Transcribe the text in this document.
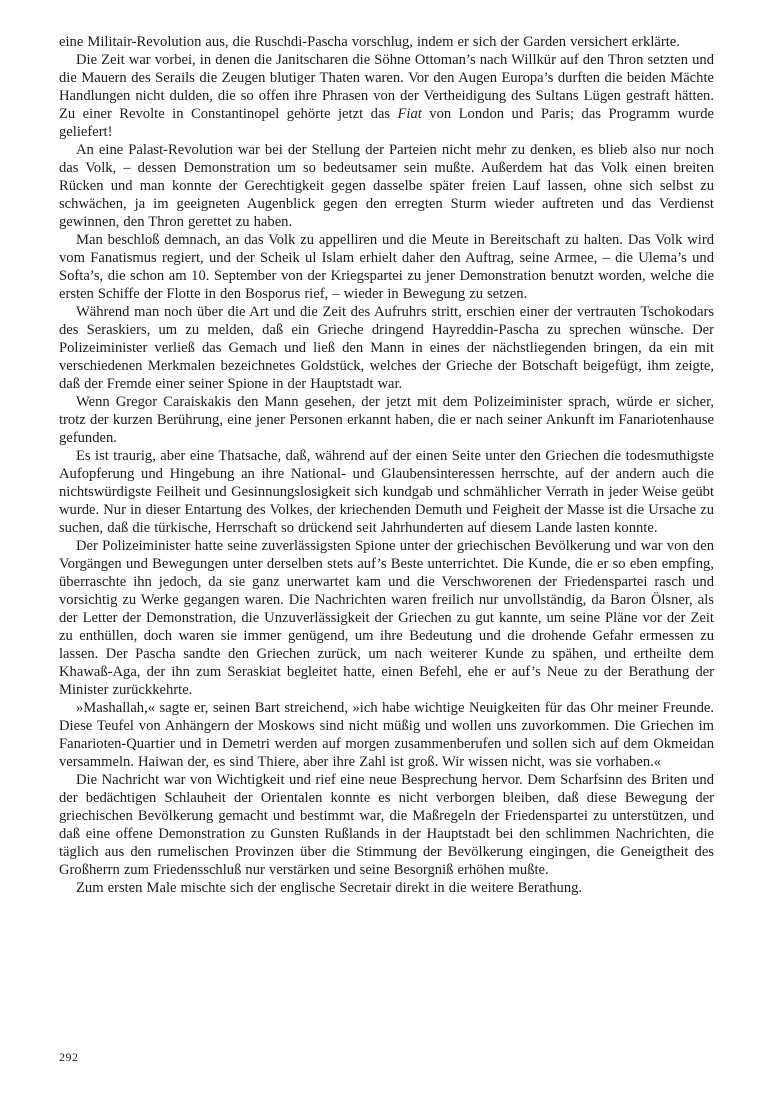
eine Militair-Revolution aus, die Ruschdi-Pascha vorschlug, indem er sich der Garden versichert erklärte.

Die Zeit war vorbei, in denen die Janitscharen die Söhne Ottoman’s nach Willkür auf den Thron setzten und die Mauern des Serails die Zeugen blutiger Thaten waren. Vor den Augen Europa’s durften die beiden Mächte Handlungen nicht dulden, die so offen ihre Phrasen von der Vertheidigung des Sultans Lügen gestraft hätten. Zu einer Revolte in Constantinopel gehörte jetzt das Fiat von London und Paris; das Programm wurde geliefert!

An eine Palast-Revolution war bei der Stellung der Parteien nicht mehr zu denken, es blieb also nur noch das Volk, – dessen Demonstration um so bedeutsamer sein mußte. Außerdem hat das Volk einen breiten Rücken und man konnte der Gerechtigkeit gegen dasselbe später freien Lauf lassen, ohne sich selbst zu schwächen, ja im geeigneten Augenblick gegen den erregten Sturm wieder auftreten und das Verdienst gewinnen, den Thron gerettet zu haben.

Man beschloß demnach, an das Volk zu appelliren und die Meute in Bereitschaft zu halten. Das Volk wird vom Fanatismus regiert, und der Scheik ul Islam erhielt daher den Auftrag, seine Armee, – die Ulema’s und Softa’s, die schon am 10. September von der Kriegspartei zu jener Demonstration benutzt worden, welche die ersten Schiffe der Flotte in den Bosporus rief, – wieder in Bewegung zu setzen.

Während man noch über die Art und die Zeit des Aufruhrs stritt, erschien einer der vertrauten Tschokodars des Seraskiers, um zu melden, daß ein Grieche dringend Hayreddin-Pascha zu sprechen wünsche. Der Polizeiminister verließ das Gemach und ließ den Mann in eines der nächstliegenden bringen, da ein mit verschiedenen Merkmalen bezeichnetes Goldstück, welches der Grieche der Botschaft beigefügt, ihm zeigte, daß der Fremde einer seiner Spione in der Hauptstadt war.

Wenn Gregor Caraiskakis den Mann gesehen, der jetzt mit dem Polizeiminister sprach, würde er sicher, trotz der kurzen Berührung, eine jener Personen erkannt haben, die er nach seiner Ankunft im Fanariotenhause gefunden.

Es ist traurig, aber eine Thatsache, daß, während auf der einen Seite unter den Griechen die todesmuthigste Aufopferung und Hingebung an ihre National- und Glaubensinteressen herrschte, auf der andern auch die nichtswürdigste Feilheit und Gesinnungslosigkeit sich kundgab und schmählicher Verrath in jeder Weise geübt wurde. Nur in dieser Entartung des Volkes, der kriechenden Demuth und Feigheit der Masse ist die Ursache zu suchen, daß die türkische, Herrschaft so drückend seit Jahrhunderten auf diesem Lande lasten konnte.

Der Polizeiminister hatte seine zuverlässigsten Spione unter der griechischen Bevölkerung und war von den Vorgängen und Bewegungen unter derselben stets auf’s Beste unterrichtet. Die Kunde, die er so eben empfing, überraschte ihn jedoch, da sie ganz unerwartet kam und die Verschworenen der Friedenspartei rasch und vorsichtig zu Werke gegangen waren. Die Nachrichten waren freilich nur unvollständig, da Baron Ölsner, als der Letter der Demonstration, die Unzuverlässigkeit der Griechen zu gut kannte, um seine Pläne vor der Zeit zu enthüllen, doch waren sie immer genügend, um ihre Bedeutung und die drohende Gefahr ermessen zu lassen. Der Pascha sandte den Griechen zurück, um nach weiterer Kunde zu spähen, und ertheilte dem Khawaß-Aga, der ihn zum Seraskiat begleitet hatte, einen Befehl, ehe er auf’s Neue zu der Berathung der Minister zurückkehrte.

»Mashallah,« sagte er, seinen Bart streichend, »ich habe wichtige Neuigkeiten für das Ohr meiner Freunde. Diese Teufel von Anhängern der Moskows sind nicht müßig und wollen uns zuvorkommen. Die Griechen im Fanarioten-Quartier und in Demetri werden auf morgen zusammenberufen und sollen sich auf dem Okmeidan versammeln. Haiwan der, es sind Thiere, aber ihre Zahl ist groß. Wir wissen nicht, was sie vorhaben.«

Die Nachricht war von Wichtigkeit und rief eine neue Besprechung hervor. Dem Scharfsinn des Briten und der bedächtigen Schlauheit der Orientalen konnte es nicht verborgen bleiben, daß diese Bewegung der griechischen Bevölkerung gemacht und bestimmt war, die Maßregeln der Friedenspartei zu unterstützen, und daß eine offene Demonstration zu Gunsten Rußlands in der Hauptstadt bei den schlimmen Nachrichten, die täglich aus den rumelischen Provinzen über die Stimmung der Bevölkerung eingingen, die Geneigtheit des Großherrn zum Friedensschluß nur verstärken und seine Besorgniß erhöhen mußte.

Zum ersten Male mischte sich der englische Secretair direkt in die weitere Berathung.

292
